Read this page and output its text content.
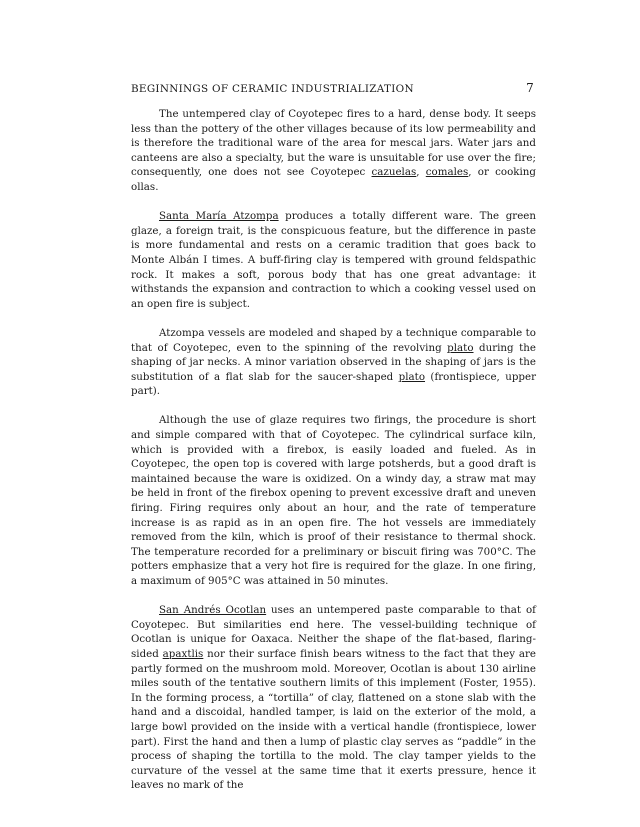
BEGINNINGS OF CERAMIC INDUSTRIALIZATION	7

The untempered clay of Coyotepec fires to a hard, dense body. It seeps less than the pottery of the other villages because of its low permeability and is therefore the traditional ware of the area for mescal jars. Water jars and canteens are also a specialty, but the ware is unsuitable for use over the fire; consequently, one does not see Coyotepec cazuelas, comales, or cooking ollas.

Santa María Atzompa produces a totally different ware. The green glaze, a foreign trait, is the conspicuous feature, but the difference in paste is more fundamental and rests on a ceramic tradition that goes back to Monte Albán I times. A buff-firing clay is tempered with ground feldspathic rock. It makes a soft, porous body that has one great advantage: it withstands the expansion and contraction to which a cooking vessel used on an open fire is subject.

Atzompa vessels are modeled and shaped by a technique comparable to that of Coyotepec, even to the spinning of the revolving plato during the shaping of jar necks. A minor variation observed in the shaping of jars is the substitution of a flat slab for the saucer-shaped plato (frontispiece, upper part).

Although the use of glaze requires two firings, the procedure is short and simple compared with that of Coyotepec. The cylindrical surface kiln, which is provided with a firebox, is easily loaded and fueled. As in Coyotepec, the open top is covered with large potsherds, but a good draft is maintained because the ware is oxidized. On a windy day, a straw mat may be held in front of the firebox opening to prevent excessive draft and uneven firing. Firing requires only about an hour, and the rate of temperature increase is as rapid as in an open fire. The hot vessels are immediately removed from the kiln, which is proof of their resistance to thermal shock. The temperature recorded for a preliminary or biscuit firing was 700°C. The potters emphasize that a very hot fire is required for the glaze. In one firing, a maximum of 905°C was attained in 50 minutes.

San Andrés Ocotlan uses an untempered paste comparable to that of Coyotepec. But similarities end here. The vessel-building technique of Ocotlan is unique for Oaxaca. Neither the shape of the flat-based, flaring-sided apaxtlis nor their surface finish bears witness to the fact that they are partly formed on the mushroom mold. Moreover, Ocotlan is about 130 airline miles south of the tentative southern limits of this implement (Foster, 1955). In the forming process, a “tortilla” of clay, flattened on a stone slab with the hand and a discoidal, handled tamper, is laid on the exterior of the mold, a large bowl provided on the inside with a vertical handle (frontispiece, lower part). First the hand and then a lump of plastic clay serves as “paddle” in the process of shaping the tortilla to the mold. The clay tamper yields to the curvature of the vessel at the same time that it exerts pressure, hence it leaves no mark of the
